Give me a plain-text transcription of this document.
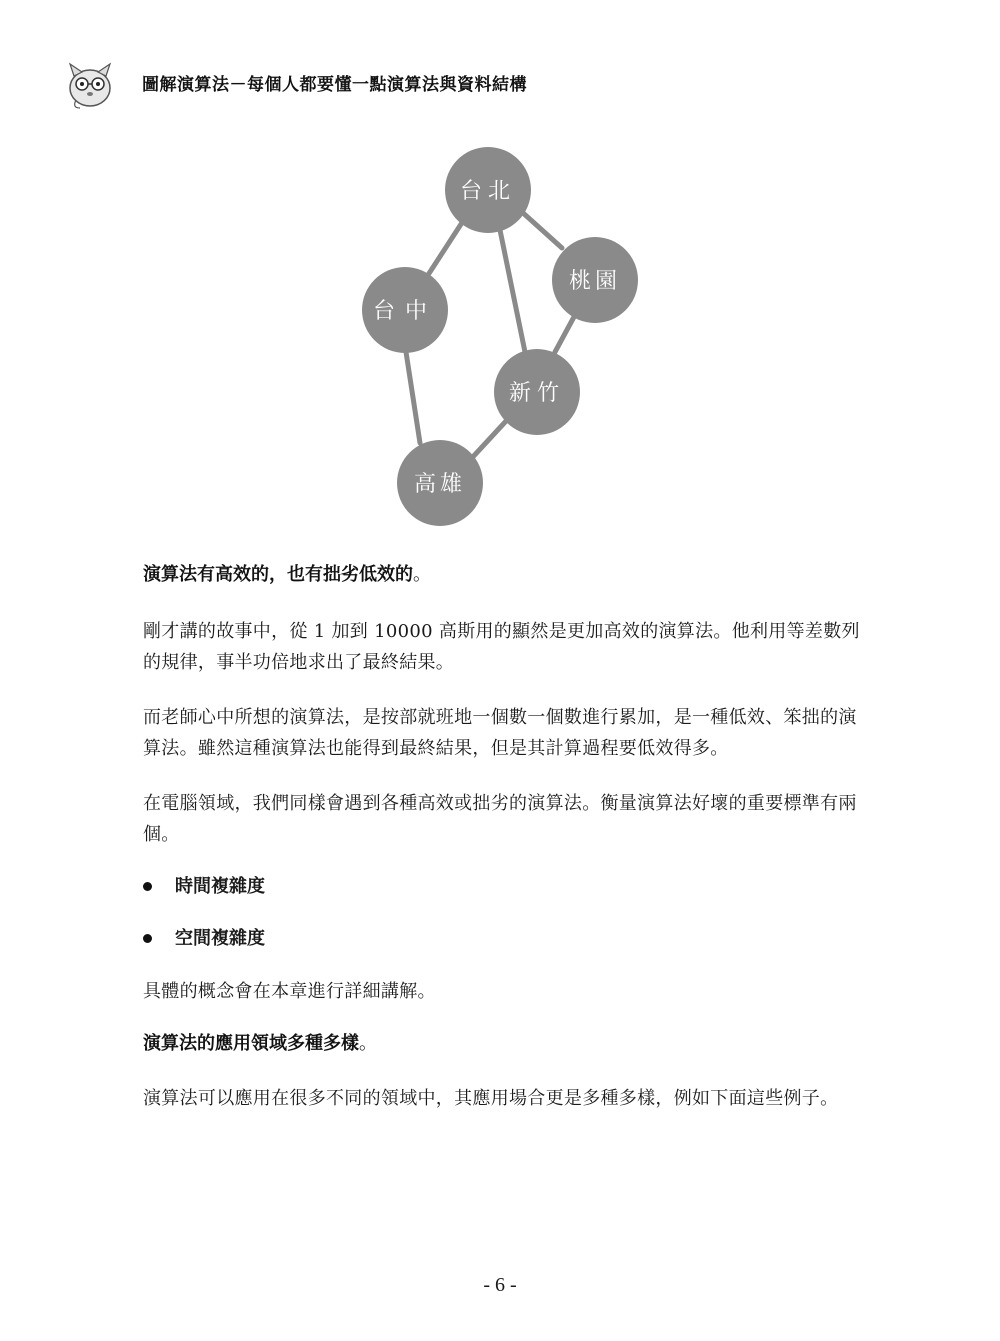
圖解演算法－每個人都要懂一點演算法與資料結構
台北
桃園
台中
新竹
高雄

演算法有高效的，也有拙劣低效的。

剛才講的故事中，從 1 加到 10000 高斯用的顯然是更加高效的演算法。他利用等差數列的規律，事半功倍地求出了最終結果。

而老師心中所想的演算法，是按部就班地一個數一個數進行累加，是一種低效、笨拙的演算法。雖然這種演算法也能得到最終結果，但是其計算過程要低效得多。

在電腦領域，我們同樣會遇到各種高效或拙劣的演算法。衡量演算法好壞的重要標準有兩個。

時間複雜度
空間複雜度

具體的概念會在本章進行詳細講解。

演算法的應用領域多種多樣。

演算法可以應用在很多不同的領域中，其應用場合更是多種多樣，例如下面這些例子。

- 6 -
